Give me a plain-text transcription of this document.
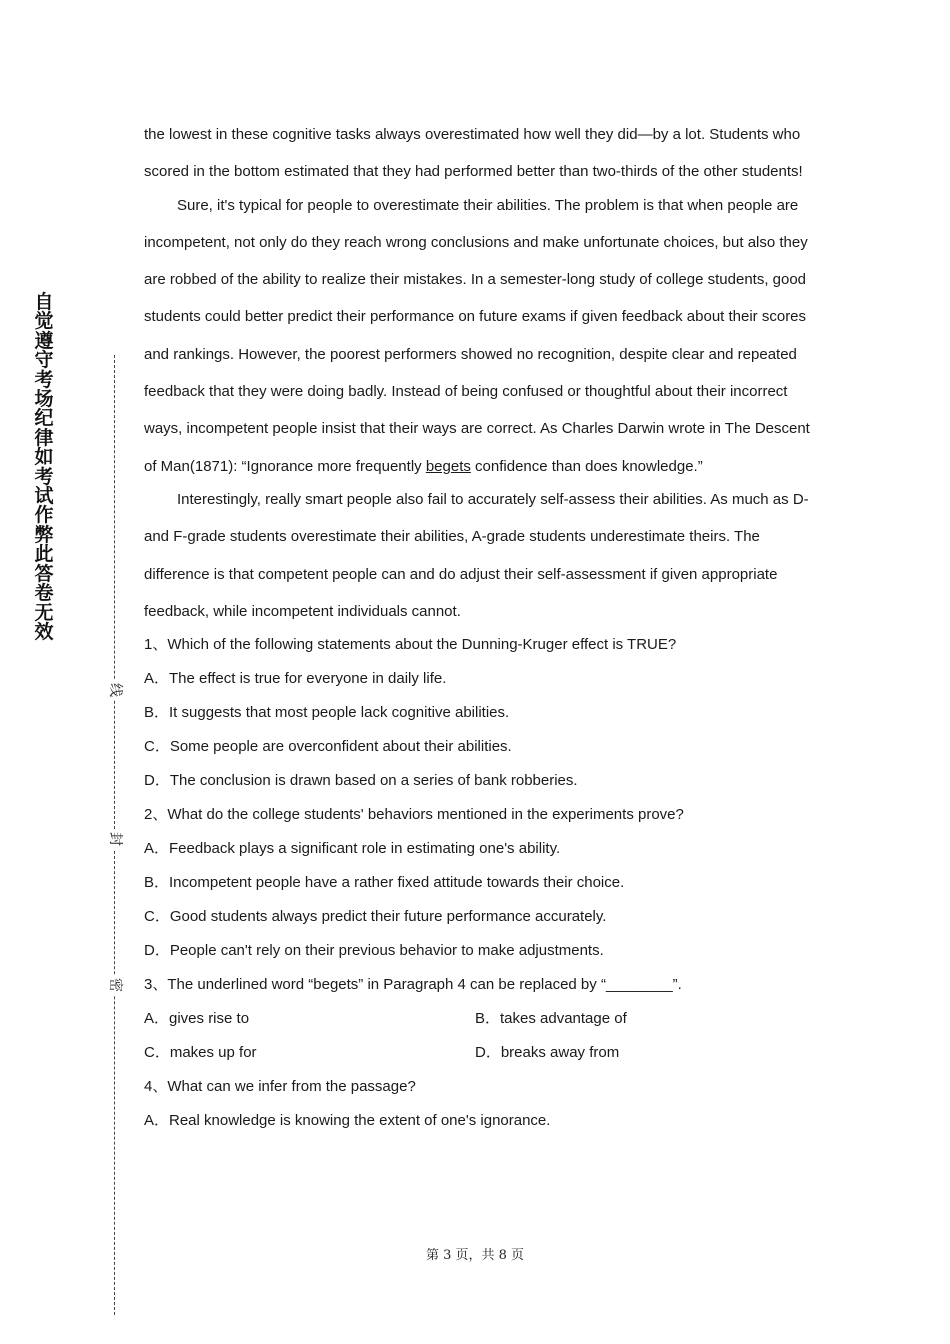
自觉遵守考场纪律如考试作弊此答卷无效
线
封
密

the lowest in these cognitive tasks always overestimated how well they did—by a lot. Students who scored in the bottom estimated that they had performed better than two-thirds of the other students!

Sure, it's typical for people to overestimate their abilities. The problem is that when people are incompetent, not only do they reach wrong conclusions and make unfortunate choices, but also they are robbed of the ability to realize their mistakes. In a semester-long study of college students, good students could better predict their performance on future exams if given feedback about their scores and rankings. However, the poorest performers showed no recognition, despite clear and repeated feedback that they were doing badly. Instead of being confused or thoughtful about their incorrect ways, incompetent people insist that their ways are correct. As Charles Darwin wrote in The Descent of Man(1871): “Ignorance more frequently begets confidence than does knowledge.”

Interestingly, really smart people also fail to accurately self-assess their abilities. As much as D- and F-grade students overestimate their abilities, A-grade students underestimate theirs. The difference is that competent people can and do adjust their self-assessment if given appropriate feedback, while incompetent individuals cannot.

1、Which of the following statements about the Dunning-Kruger effect is TRUE?
A．The effect is true for everyone in daily life.
B．It suggests that most people lack cognitive abilities.
C．Some people are overconfident about their abilities.
D．The conclusion is drawn based on a series of bank robberies.
2、What do the college students' behaviors mentioned in the experiments prove?
A．Feedback plays a significant role in estimating one's ability.
B．Incompetent people have a rather fixed attitude towards their choice.
C．Good students always predict their future performance accurately.
D．People can't rely on their previous behavior to make adjustments.
3、The underlined word “begets” in Paragraph 4 can be replaced by “________”.
A．gives rise to	B．takes advantage of
C．makes up for	D．breaks away from
4、What can we infer from the passage?
A．Real knowledge is knowing the extent of one's ignorance.
第 3 页，共 8 页
